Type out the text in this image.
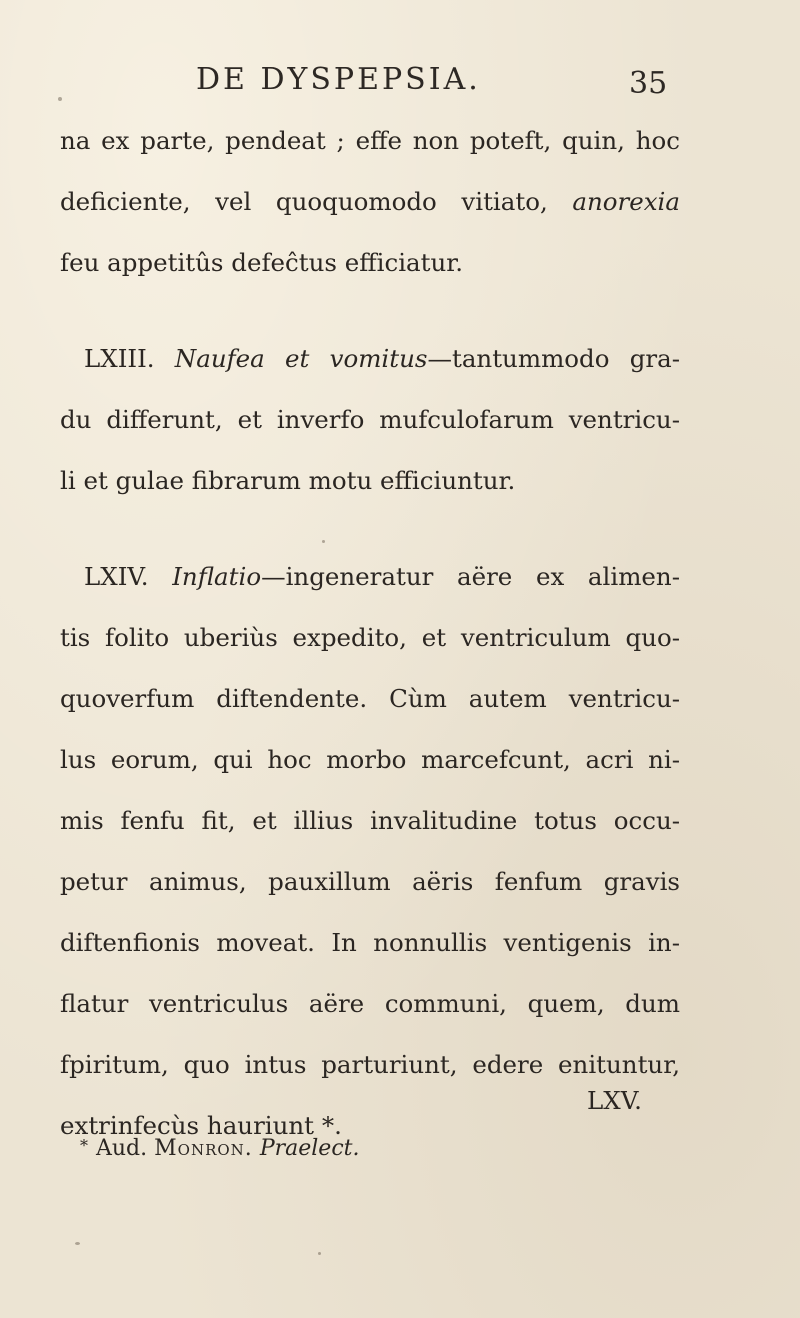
DE DYSPEPSIA.	35
na ex parte, pendeat ; effe non poteft, quin, hoc
deficiente, vel quoquomodo vitiato, anorexia
feu appetitûs defeĉtus efficiatur.
LXIII. Naufea et vomitus—tantummodo gra-
du differunt, et inverfo mufculofarum ventricu-
li et gulae fibrarum motu efficiuntur.
LXIV. Inflatio—ingeneratur aëre ex alimen-
tis folito uberiùs expedito, et ventriculum quo-
quoverfum diftendente. Cùm autem ventricu-
lus eorum, qui hoc morbo marcefcunt, acri ni-
mis fenfu fit, et illius invalitudine totus occu-
petur animus, pauxillum aëris fenfum gravis
diftenfionis moveat. In nonnullis ventigenis in-
flatur ventriculus aëre communi, quem, dum
fpiritum, quo intus parturiunt, edere enituntur,
extrinfecùs hauriunt *.
LXV.
* Aud. Monron. Praelect.
